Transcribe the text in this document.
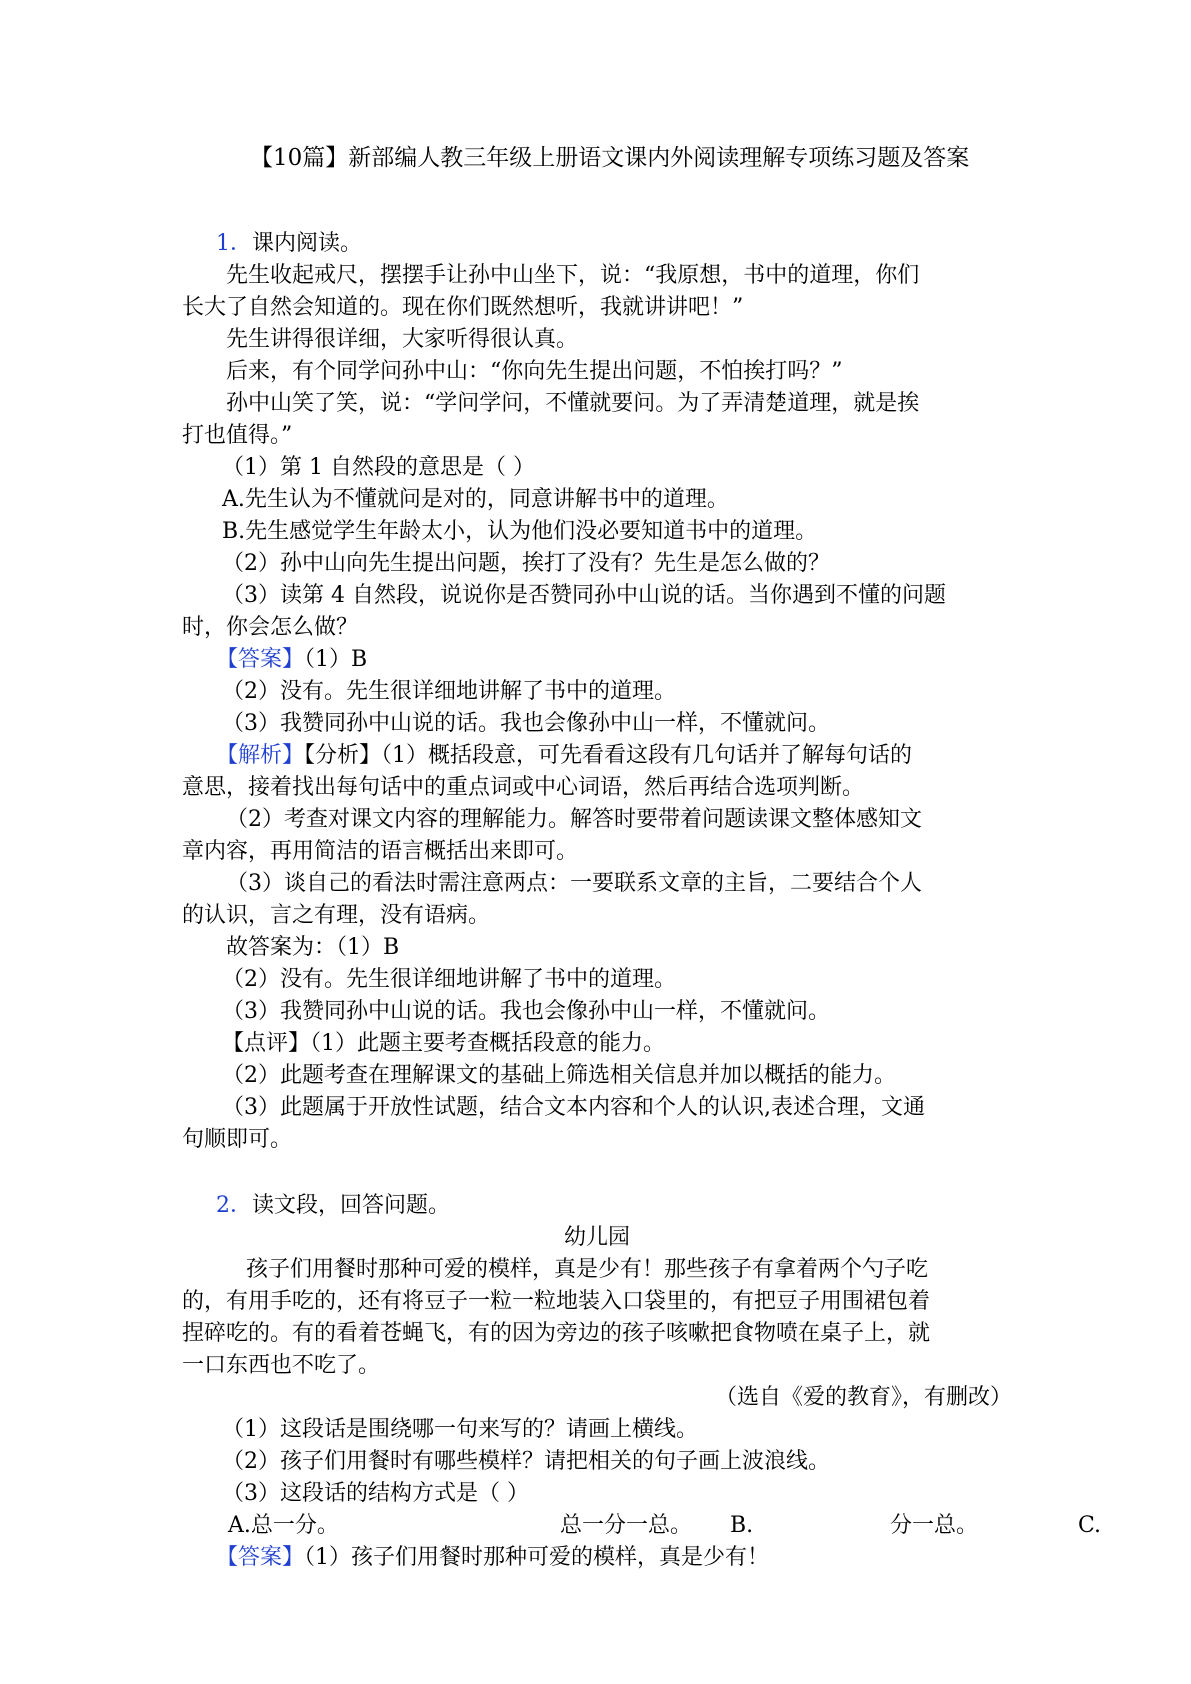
【10篇】新部编人教三年级上册语文课内外阅读理解专项练习题及答案
1．课内阅读。
先生收起戒尺，摆摆手让孙中山坐下，说：“我原想，书中的道理，你们
长大了自然会知道的。现在你们既然想听，我就讲讲吧！”
先生讲得很详细，大家听得很认真。
后来，有个同学问孙中山：“你向先生提出问题，不怕挨打吗？”
孙中山笑了笑，说：“学问学问，不懂就要问。为了弄清楚道理，就是挨
打也值得。”
（1）第 1 自然段的意思是（ ）
A.先生认为不懂就问是对的，同意讲解书中的道理。
B.先生感觉学生年龄太小，认为他们没必要知道书中的道理。
（2）孙中山向先生提出问题，挨打了没有？先生是怎么做的？
（3）读第 4 自然段，说说你是否赞同孙中山说的话。当你遇到不懂的问题
时，你会怎么做？
【答案】（1）B
（2）没有。先生很详细地讲解了书中的道理。
（3）我赞同孙中山说的话。我也会像孙中山一样，不懂就问。
【解析】【分析】（1）概括段意，可先看看这段有几句话并了解每句话的
意思，接着找出每句话中的重点词或中心词语，然后再结合选项判断。
（2）考查对课文内容的理解能力。解答时要带着问题读课文整体感知文
章内容，再用简洁的语言概括出来即可。
（3）谈自己的看法时需注意两点：一要联系文章的主旨，二要结合个人
的认识，言之有理，没有语病。
故答案为：（1）B
（2）没有。先生很详细地讲解了书中的道理。
（3）我赞同孙中山说的话。我也会像孙中山一样，不懂就问。
【点评】（1）此题主要考查概括段意的能力。
（2）此题考查在理解课文的基础上筛选相关信息并加以概括的能力。
（3）此题属于开放性试题，结合文本内容和个人的认识,表述合理，文通
句顺即可。
2．读文段，回答问题。
幼儿园
孩子们用餐时那种可爱的模样，真是少有！那些孩子有拿着两个勺子吃
的，有用手吃的，还有将豆子一粒一粒地装入口袋里的，有把豆子用围裙包着
捏碎吃的。有的看着苍蝇飞，有的因为旁边的孩子咳嗽把食物喷在桌子上，就
一口东西也不吃了。
（选自《爱的教育》，有删改）
（1）这段话是围绕哪一句来写的？请画上横线。
（2）孩子们用餐时有哪些模样？请把相关的句子画上波浪线。
（3）这段话的结构方式是（ ）
A.总一分。	总一分一总。 B.	分一总。	C.
【答案】（1）孩子们用餐时那种可爱的模样，真是少有！
